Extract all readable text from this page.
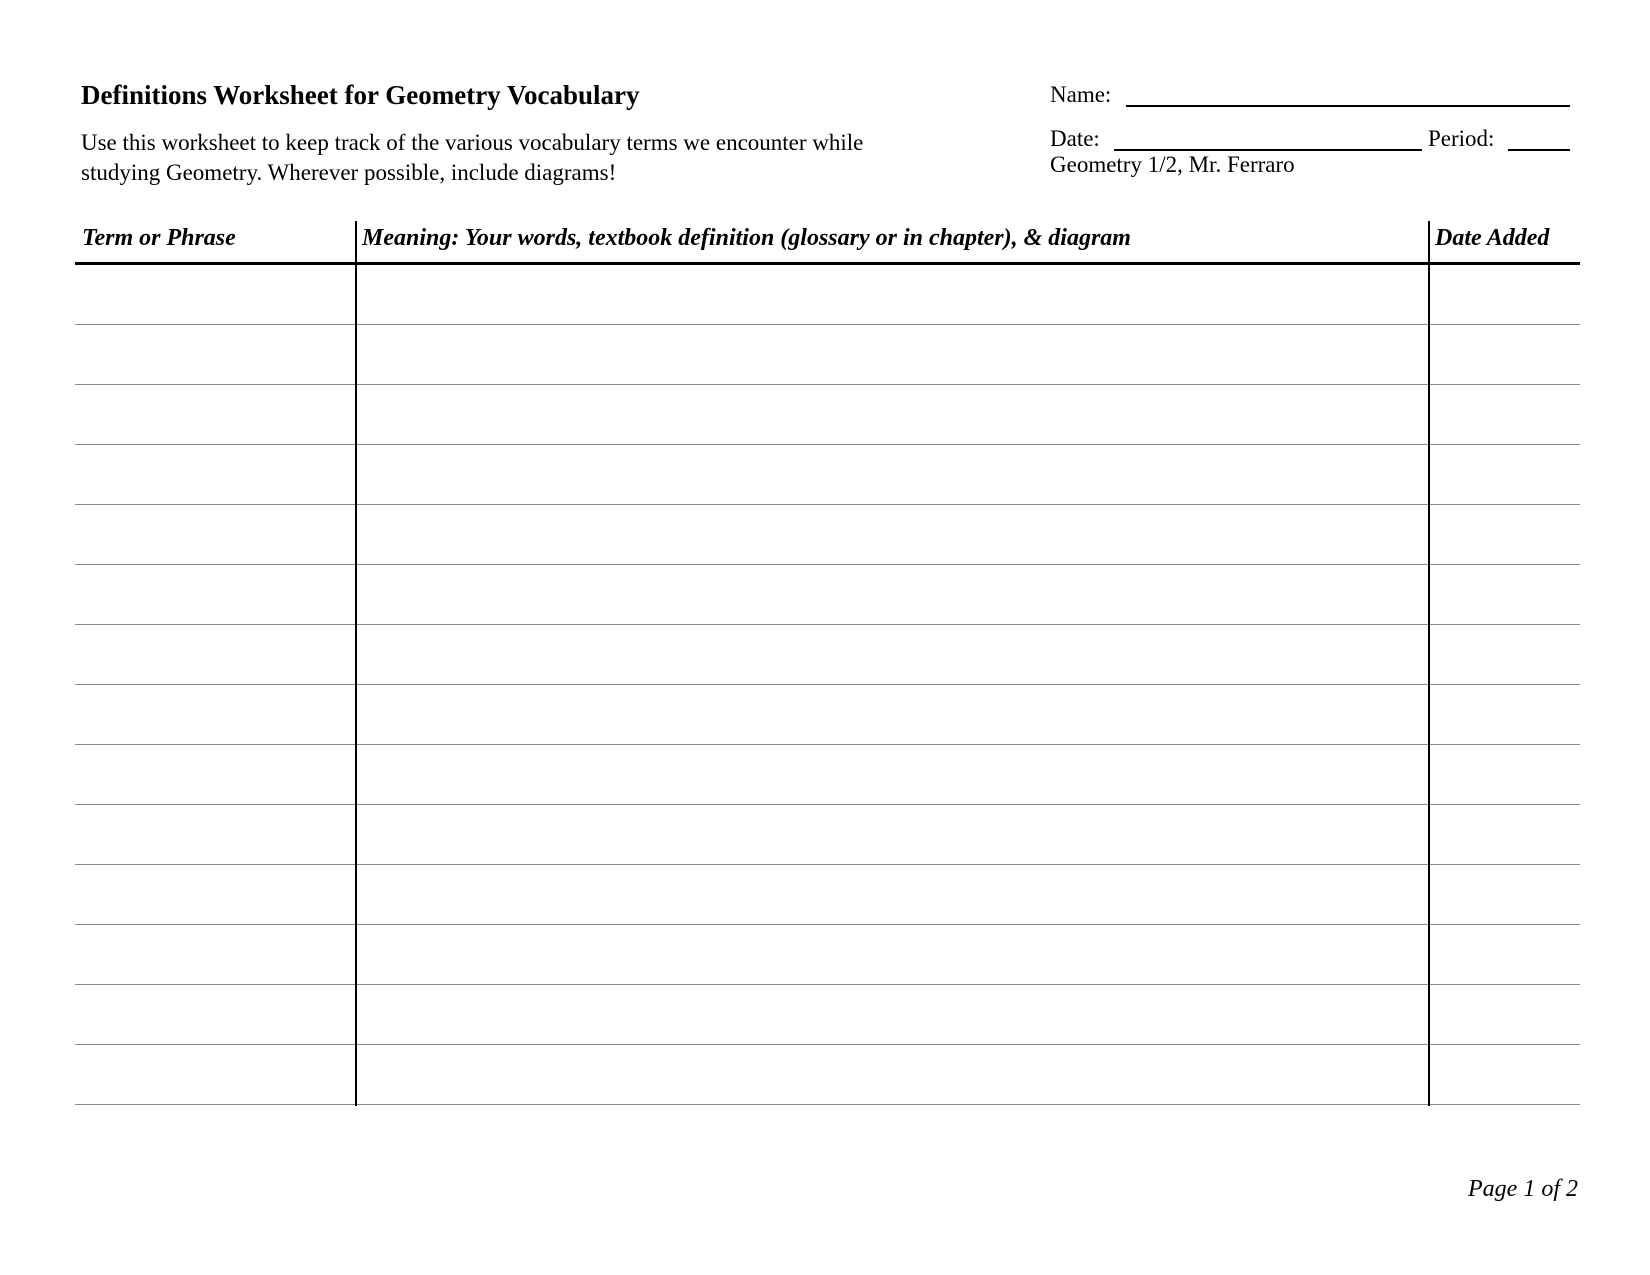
Definitions Worksheet for Geometry Vocabulary
Use this worksheet to keep track of the various vocabulary terms we encounter while
studying Geometry. Wherever possible, include diagrams!
Name:
Date:	Period:
Geometry 1/2, Mr. Ferraro
Term or Phrase	Meaning: Your words, textbook definition (glossary or in chapter), & diagram	Date Added
Page 1 of 2
